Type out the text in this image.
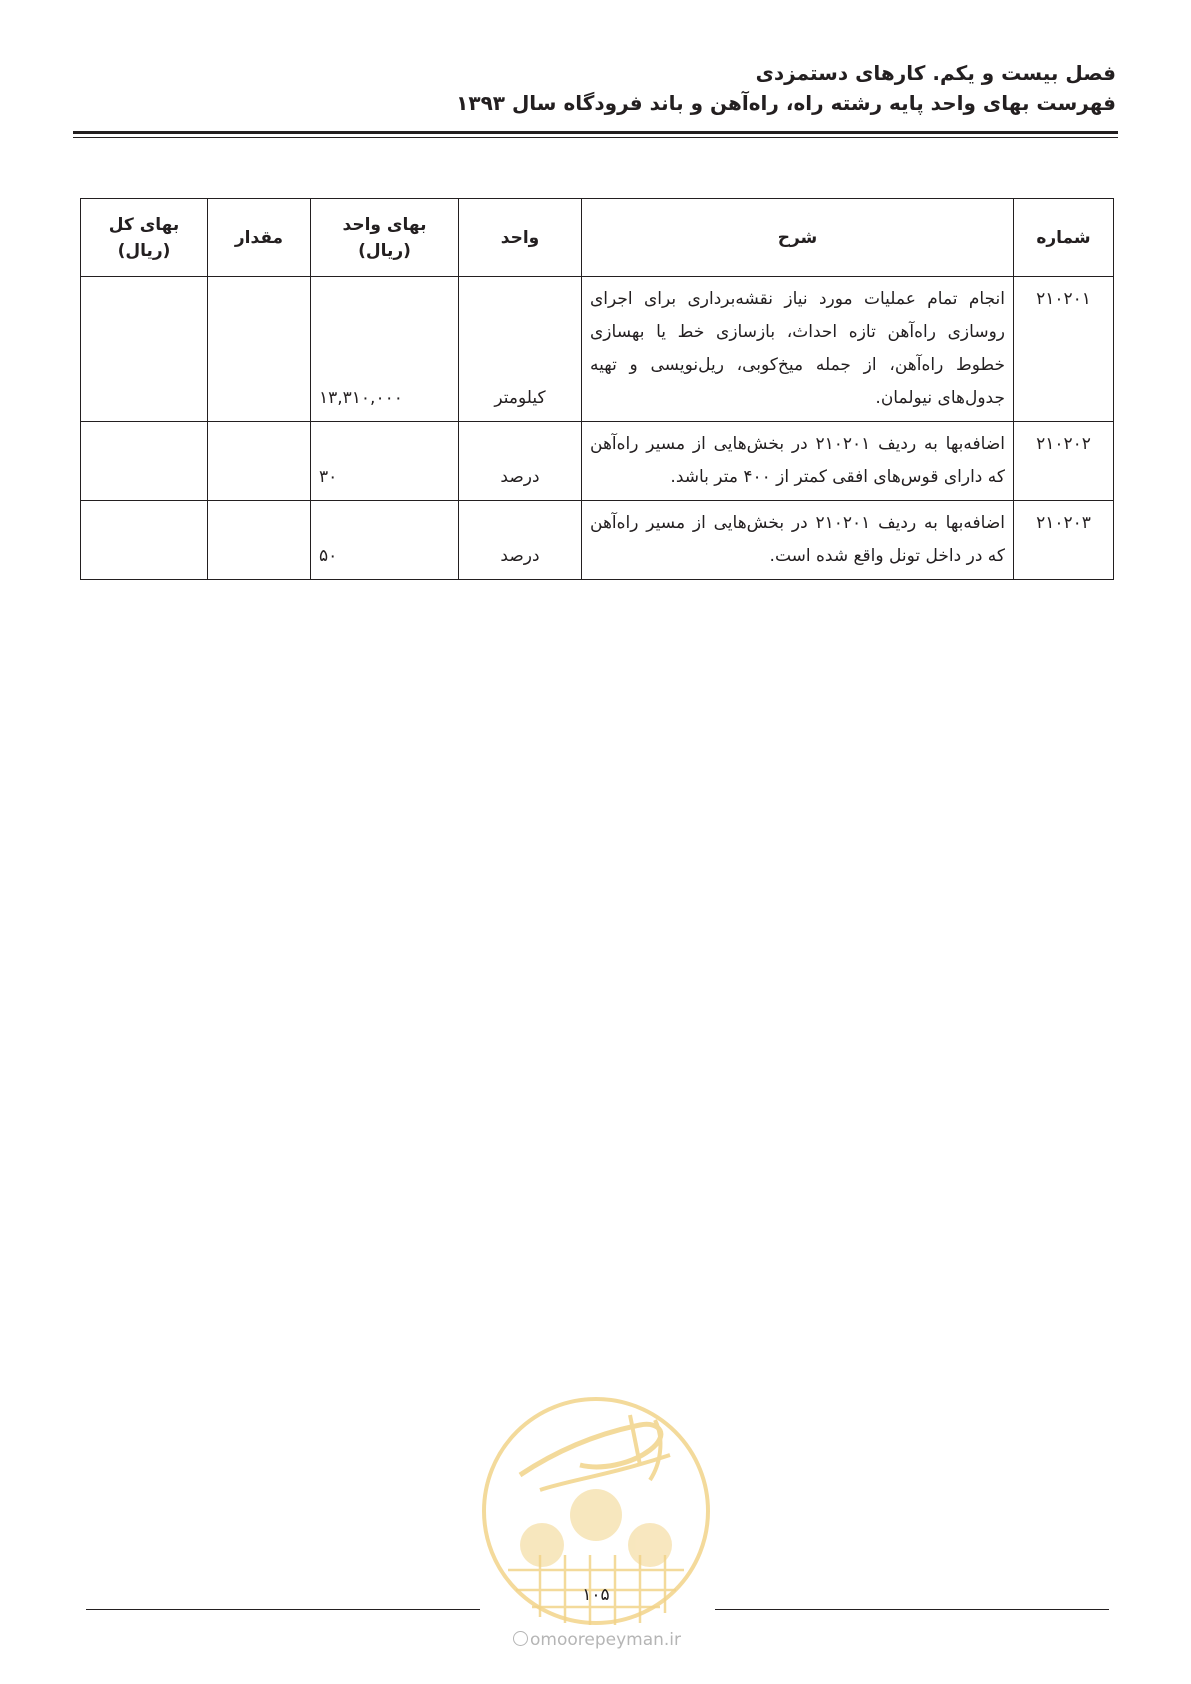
فصل بیست و یکم. کارهای دستمزدی
فهرست بهای واحد پایه رشته راه، راه‌آهن و باند فرودگاه سال ۱۳۹۳
شماره	شرح	واحد	بهای واحد (ریال)	مقدار	بهای کل
(ریال)

۲۱۰۲۰۱	انجام تمام عملیات مورد نیاز نقشه‌برداری برای اجرای روسازی راه‌آهن تازه احداث، بازسازی خط یا بهسازی خطوط راه‌آهن، از جمله میخ‌کوبی، ریل‌نویسی و تهیه جدول‌های نیولمان.	کیلومتر	۱۳,۳۱۰,۰۰۰		
۲۱۰۲۰۲	اضافه‌بها به ردیف ۲۱۰۲۰۱ در بخش‌هایی از مسیر راه‌آهن که دارای قوس‌های افقی کمتر از ۴۰۰ متر باشد.	درصد	۳۰		
۲۱۰۲۰۳	اضافه‌بها به ردیف ۲۱۰۲۰۱ در بخش‌هایی از مسیر راه‌آهن که در داخل تونل واقع شده است.	درصد	۵۰		
۱۰۵
omoorepeyman.ir
